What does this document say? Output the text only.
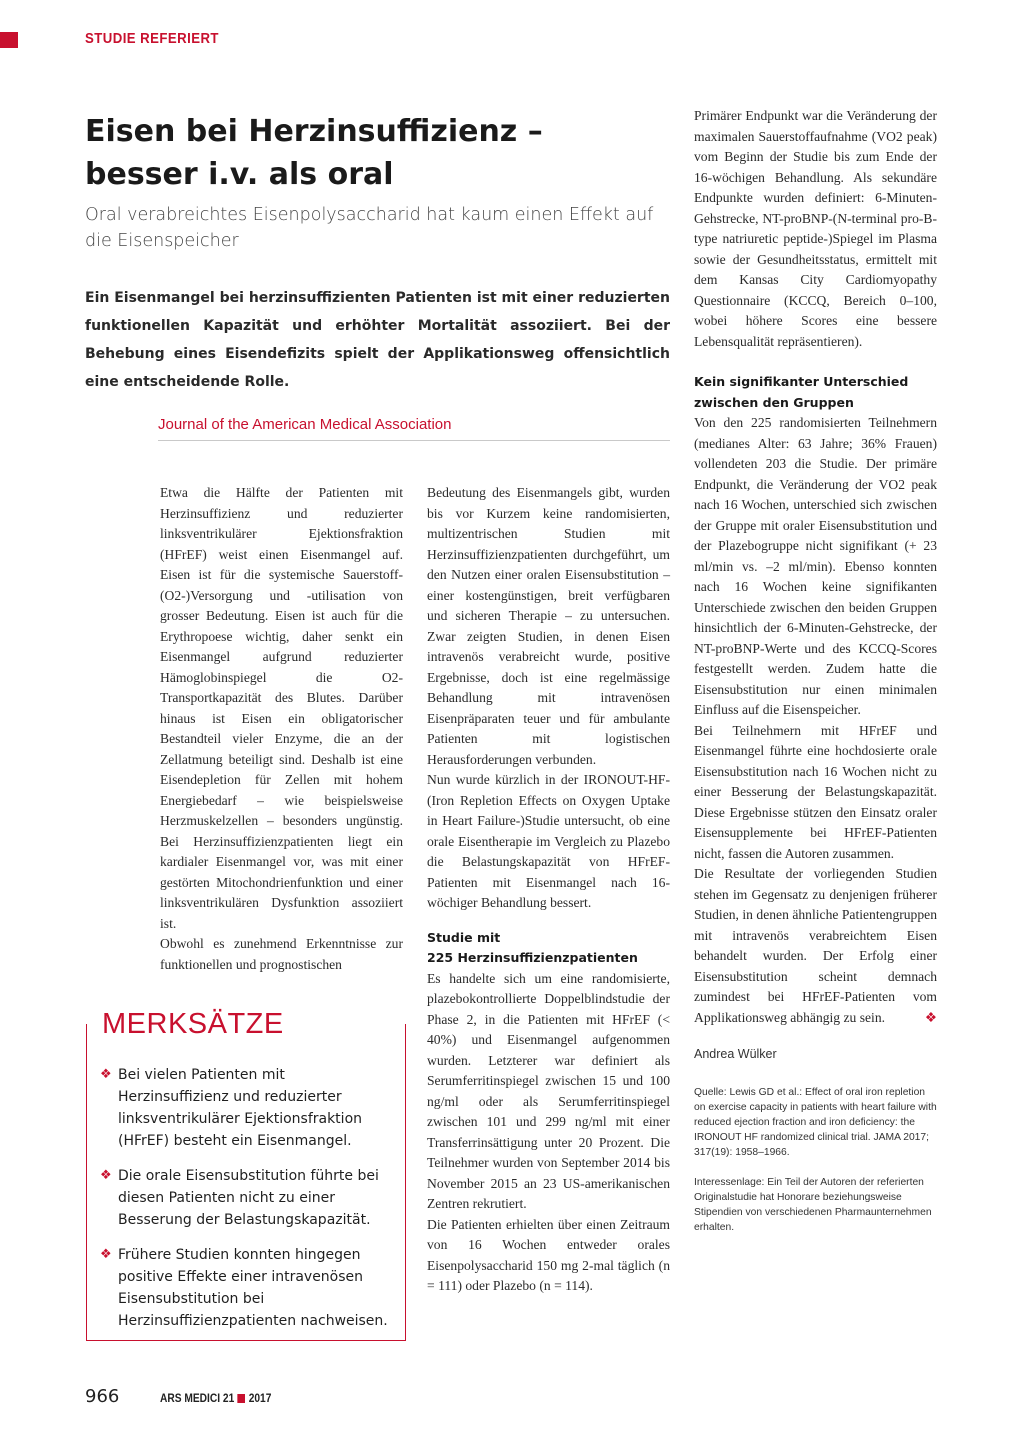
STUDIE REFERIERT
Eisen bei Herzinsuffizienz –
besser i.v. als oral
Oral verabreichtes Eisenpolysaccharid hat kaum einen Effekt auf die Eisenspeicher
Ein Eisenmangel bei herzinsuffizienten Patienten ist mit einer reduzierten funktionellen Kapazität und erhöhter Mortalität assoziiert. Bei der Behebung eines Eisendefizits spielt der Applikationsweg offensichtlich eine entscheidende Rolle.
Journal of the American Medical Association

Etwa die Hälfte der Patienten mit Herzinsuffizienz und reduzierter linksventrikulärer Ejektionsfraktion (HFrEF) weist einen Eisenmangel auf. Eisen ist für die systemische Sauerstoff-(O2-)Versorgung und -utilisation von grosser Bedeutung. Eisen ist auch für die Erythropoese wichtig, daher senkt ein Eisenmangel aufgrund reduzierter Hämoglobinspiegel die O2-Transportkapazität des Blutes. Darüber hinaus ist Eisen ein obligatorischer Bestandteil vieler Enzyme, die an der Zellatmung beteiligt sind. Deshalb ist eine Eisendepletion für Zellen mit hohem Energiebedarf – wie beispielsweise Herzmuskelzellen – besonders ungünstig. Bei Herzinsuffizienzpatienten liegt ein kardialer Eisenmangel vor, was mit einer gestörten Mitochondrienfunktion und einer linksventrikulären Dysfunktion assoziiert ist.

Obwohl es zunehmend Erkenntnisse zur funktionellen und prognostischen

MERKSÄTZE
❖ Bei vielen Patienten mit Herzinsuffizienz und reduzierter linksventrikulärer Ejektionsfraktion (HFrEF) besteht ein Eisenmangel.
❖ Die orale Eisensubstitution führte bei diesen Patienten nicht zu einer Besserung der Belastungskapazität.
❖ Frühere Studien konnten hingegen positive Effekte einer intravenösen Eisensubstitution bei Herzinsuffizienzpatienten nachweisen.

Bedeutung des Eisenmangels gibt, wurden bis vor Kurzem keine randomisierten, multizentrischen Studien mit Herzinsuffizienzpatienten durchgeführt, um den Nutzen einer oralen Eisensubstitution – einer kostengünstigen, breit verfügbaren und sicheren Therapie – zu untersuchen. Zwar zeigten Studien, in denen Eisen intravenös verabreicht wurde, positive Ergebnisse, doch ist eine regelmässige Behandlung mit intravenösen Eisenpräparaten teuer und für ambulante Patienten mit logistischen Herausforderungen verbunden.

Nun wurde kürzlich in der IRONOUT-HF-(Iron Repletion Effects on Oxygen Uptake in Heart Failure-)Studie untersucht, ob eine orale Eisentherapie im Vergleich zu Plazebo die Belastungskapazität von HFrEF-Patienten mit Eisenmangel nach 16-wöchiger Behandlung bessert.

Studie mit
225 Herzinsuffizienzpatienten

Es handelte sich um eine randomisierte, plazebokontrollierte Doppelblindstudie der Phase 2, in die Patienten mit HFrEF (< 40%) und Eisenmangel aufgenommen wurden. Letzterer war definiert als Serumferritinspiegel zwischen 15 und 100 ng/ml oder als Serumferritinspiegel zwischen 101 und 299 ng/ml mit einer Transferrinsättigung unter 20 Prozent. Die Teilnehmer wurden von September 2014 bis November 2015 an 23 US-amerikanischen Zentren rekrutiert.

Die Patienten erhielten über einen Zeitraum von 16 Wochen entweder orales Eisenpolysaccharid 150 mg 2-mal täglich (n = 111) oder Plazebo (n = 114).

Primärer Endpunkt war die Veränderung der maximalen Sauerstoffaufnahme (VO2 peak) vom Beginn der Studie bis zum Ende der 16-wöchigen Behandlung. Als sekundäre Endpunkte wurden definiert: 6-Minuten-Gehstrecke, NT-proBNP-(N-terminal pro-B-type natriuretic peptide-)Spiegel im Plasma sowie der Gesundheitsstatus, ermittelt mit dem Kansas City Cardiomyopathy Questionnaire (KCCQ, Bereich 0–100, wobei höhere Scores eine bessere Lebensqualität repräsentieren).

Kein signifikanter Unterschied
zwischen den Gruppen

Von den 225 randomisierten Teilnehmern (medianes Alter: 63 Jahre; 36% Frauen) vollendeten 203 die Studie. Der primäre Endpunkt, die Veränderung der VO2 peak nach 16 Wochen, unterschied sich zwischen der Gruppe mit oraler Eisensubstitution und der Plazebogruppe nicht signifikant (+ 23 ml/min vs. –2 ml/min). Ebenso konnten nach 16 Wochen keine signifikanten Unterschiede zwischen den beiden Gruppen hinsichtlich der 6-Minuten-Gehstrecke, der NT-proBNP-Werte und des KCCQ-Scores festgestellt werden. Zudem hatte die Eisensubstitution nur einen minimalen Einfluss auf die Eisenspeicher.

Bei Teilnehmern mit HFrEF und Eisenmangel führte eine hochdosierte orale Eisensubstitution nach 16 Wochen nicht zu einer Besserung der Belastungskapazität. Diese Ergebnisse stützen den Einsatz oraler Eisensupplemente bei HFrEF-Patienten nicht, fassen die Autoren zusammen.

Die Resultate der vorliegenden Studien stehen im Gegensatz zu denjenigen früherer Studien, in denen ähnliche Patientengruppen mit intravenös verabreichtem Eisen behandelt wurden. Der Erfolg einer Eisensubstitution scheint demnach zumindest bei HFrEF-Patienten vom Applikationsweg abhängig zu sein.	❖

Andrea Wülker
Quelle: Lewis GD et al.: Effect of oral iron repletion on exercise capacity in patients with heart failure with reduced ejection fraction and iron deficiency: the IRONOUT HF randomized clinical trial. JAMA 2017; 317(19): 1958–1966.
Interessenlage: Ein Teil der Autoren der referierten Originalstudie hat Honorare beziehungsweise Stipendien von verschiedenen Pharmaunternehmen erhalten.
966	ARS MEDICI 21 2017
